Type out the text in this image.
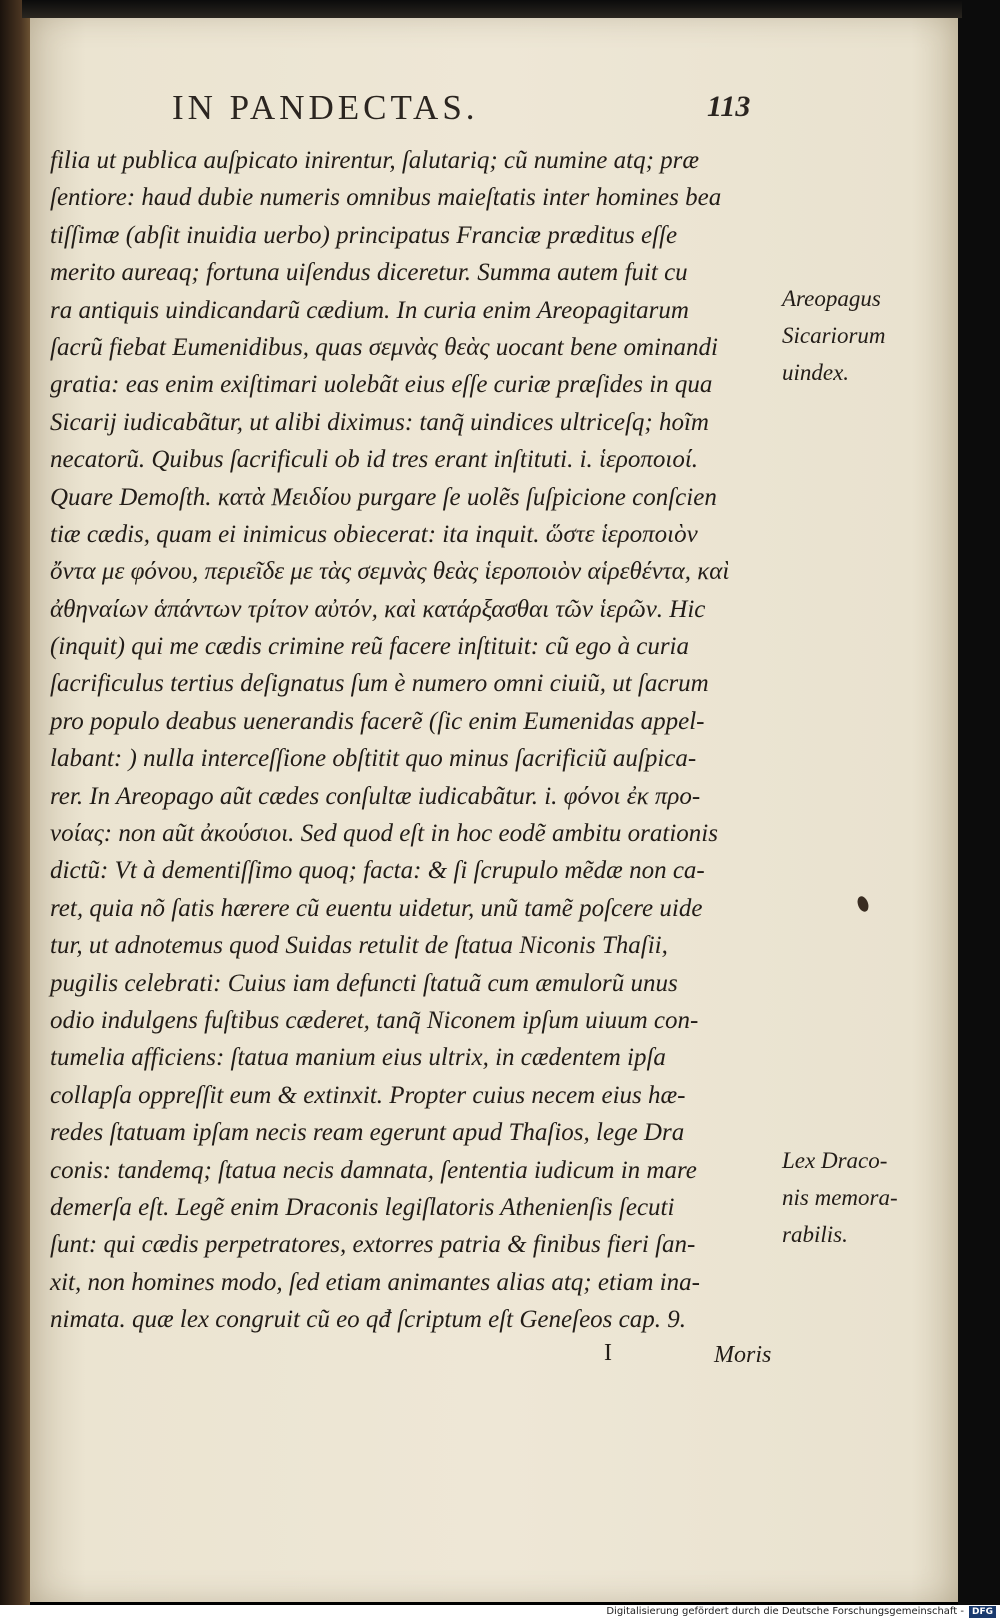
IN PANDECTAS.	113
filia ut publica auſpicato inirentur, ſalutariq; cũ numine atq; præ
ſentiore: haud dubie numeris omnibus maieſtatis inter homines bea
tiſſimæ (abſit inuidia uerbo) principatus Franciæ præditus eſſe
merito aureaq; fortuna uiſendus diceretur. Summa autem fuit cu
ra antiquis uindicandarũ cædium. In curia enim Areopagitarum
ſacrũ fiebat Eumenidibus, quas σεμνὰς θεὰς uocant bene ominandi
gratia: eas enim exiſtimari uolebãt eius eſſe curiæ præſides in qua
Sicarij iudicabãtur, ut alibi diximus: tanq̃ uindices ultriceſq; hoĩm
necatorũ. Quibus ſacrificuli ob id tres erant inſtituti. i. ἱεροποιοί.
Quare Demoſth. κατὰ Μειδίου purgare ſe uolẽs ſuſpicione conſcien
tiæ cædis, quam ei inimicus obiecerat: ita inquit. ὥστε ἱεροποιὸν
ὄντα με φόνου, περιεῖδε με τὰς σεμνὰς θεὰς ἱεροποιὸν αἱρεθέντα, καὶ
ἀθηναίων ἁπάντων τρίτον αὐτόν, καὶ κατάρξασθαι τῶν ἱερῶν. Hic
(inquit) qui me cædis crimine reũ facere inſtituit: cũ ego à curia
ſacrificulus tertius deſignatus ſum è numero omni ciuiũ, ut ſacrum
pro populo deabus uenerandis facerẽ (ſic enim Eumenidas appel-
labant: ) nulla interceſſione obſtitit quo minus ſacrificiũ auſpica-
rer. In Areopago aũt cædes conſultæ iudicabãtur. i. φόνοι ἐκ προ-
νοίας: non aũt ἀκούσιοι. Sed quod eſt in hoc eodẽ ambitu orationis
dictũ: Vt à dementiſſimo quoq; facta: & ſi ſcrupulo mẽdæ non ca-
ret, quia nõ ſatis hærere cũ euentu uidetur, unũ tamẽ poſcere uide
tur, ut adnotemus quod Suidas retulit de ſtatua Niconis Thaſii,
pugilis celebrati: Cuius iam defuncti ſtatuã cum æmulorũ unus
odio indulgens fuſtibus cæderet, tanq̃ Niconem ipſum uiuum con-
tumelia afficiens: ſtatua manium eius ultrix, in cædentem ipſa
collapſa oppreſſit eum & extinxit. Propter cuius necem eius hæ-
redes ſtatuam ipſam necis ream egerunt apud Thaſios, lege Dra
conis: tandemq; ſtatua necis damnata, ſententia iudicum in mare
demerſa eſt. Legẽ enim Draconis legiſlatoris Athenienſis ſecuti
ſunt: qui cædis perpetratores, extorres patria & finibus fieri ſan-
xit, non homines modo, ſed etiam animantes alias atq; etiam ina-
nimata. quæ lex congruit cũ eo qđ ſcriptum eſt Geneſeos cap. 9.
Areopagus
Sicariorum
uindex.
Lex Draco-
nis memora-
rabilis.
I	Moris
Digitalisierung gefördert durch die Deutsche Forschungsgemeinschaft - DFG
